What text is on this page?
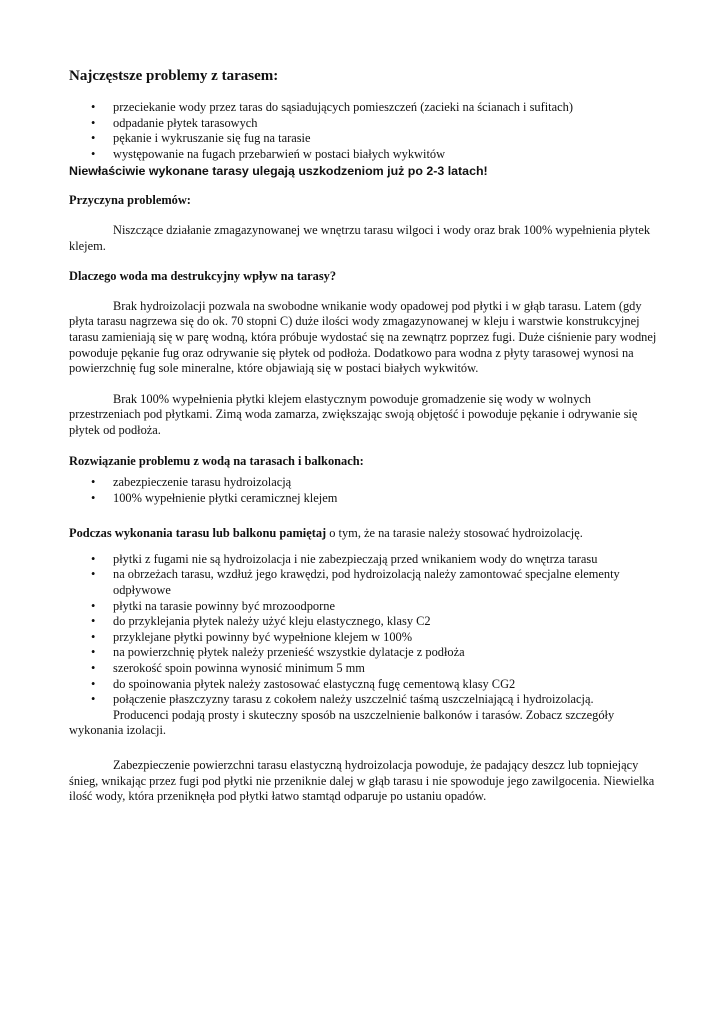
Najczęstsze problemy z tarasem:
• przeciekanie wody przez taras do sąsiadujących pomieszczeń (zacieki na ścianach i sufitach)
• odpadanie płytek tarasowych
• pękanie i wykruszanie się fug na tarasie
• występowanie na fugach przebarwień w postaci białych wykwitów
Niewłaściwie wykonane tarasy ulegają uszkodzeniom już po 2-3 latach!
Przyczyna problemów:

Niszczące działanie zmagazynowanej we wnętrzu tarasu wilgoci i wody oraz brak 100% wypełnienia płytek klejem.

Dlaczego woda ma destrukcyjny wpływ na tarasy?

Brak hydroizolacji pozwala na swobodne wnikanie wody opadowej pod płytki i w głąb tarasu. Latem (gdy płyta tarasu nagrzewa się do ok. 70 stopni C) duże ilości wody zmagazynowanej w kleju i warstwie konstrukcyjnej tarasu zamieniają się w parę wodną, która próbuje wydostać się na zewnątrz poprzez fugi. Duże ciśnienie pary wodnej powoduje pękanie fug oraz odrywanie się płytek od podłoża. Dodatkowo para wodna z płyty tarasowej wynosi na powierzchnię fug sole mineralne, które objawiają się w postaci białych wykwitów.

Brak 100% wypełnienia płytki klejem elastycznym powoduje gromadzenie się wody w wolnych przestrzeniach pod płytkami. Zimą woda zamarza, zwiększając swoją objętość i powoduje pękanie i odrywanie się płytek od podłoża.

Rozwiązanie problemu z wodą na tarasach i balkonach:
• zabezpieczenie tarasu hydroizolacją
• 100% wypełnienie płytki ceramicznej klejem
Podczas wykonania tarasu lub balkonu pamiętaj o tym, że na tarasie należy stosować hydroizolację.
• płytki z fugami nie są hydroizolacja i nie zabezpieczają przed wnikaniem wody do wnętrza tarasu
• na obrzeżach tarasu, wzdłuż jego krawędzi, pod hydroizolacją należy zamontować specjalne elementy odpływowe
• płytki na tarasie powinny być mrozoodporne
• do przyklejania płytek należy użyć kleju elastycznego, klasy C2
• przyklejane płytki powinny być wypełnione klejem w 100%
• na powierzchnię płytek należy przenieść wszystkie dylatacje z podłoża
• szerokość spoin powinna wynosić minimum 5 mm
• do spoinowania płytek należy zastosować elastyczną fugę cementową klasy CG2
• połączenie płaszczyzny tarasu z cokołem należy uszczelnić taśmą uszczelniającą i hydroizolacją.

Producenci podają prosty i skuteczny sposób na uszczelnienie balkonów i tarasów. Zobacz szczegóły wykonania izolacji.

Zabezpieczenie powierzchni tarasu elastyczną hydroizolacja powoduje, że padający deszcz lub topniejący śnieg, wnikając przez fugi pod płytki nie przeniknie dalej w głąb tarasu i nie spowoduje jego zawilgocenia. Niewielka ilość wody, która przeniknęła pod płytki łatwo stamtąd odparuje po ustaniu opadów.
